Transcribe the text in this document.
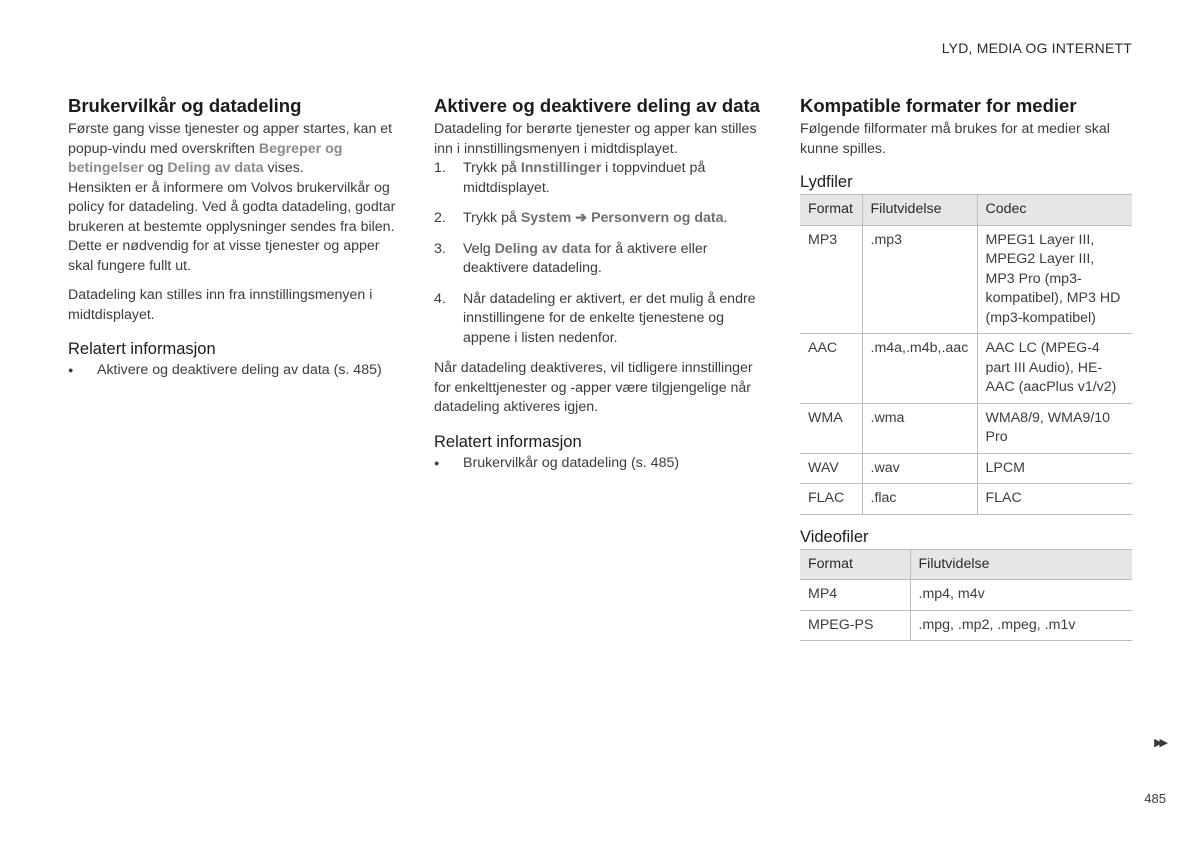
LYD, MEDIA OG INTERNETT
Brukervilkår og datadeling

Første gang visse tjenester og apper startes, kan et popup-vindu med overskriften Begreper og betingelser og Deling av data vises.

Hensikten er å informere om Volvos brukervilkår og policy for datadeling. Ved å godta datadeling, godtar brukeren at bestemte opplysninger sendes fra bilen. Dette er nødvendig for at visse tjenester og apper skal fungere fullt ut.

Datadeling kan stilles inn fra innstillingsmenyen i midtdisplayet.

Relatert informasjon
● Aktivere og deaktivere deling av data (s. 485)
Aktivere og deaktivere deling av data

Datadeling for berørte tjenester og apper kan stilles inn i innstillingsmenyen i midtdisplayet.

1. Trykk på Innstillinger i toppvinduet på midtdisplayet.
2. Trykk på System ➔ Personvern og data.
3. Velg Deling av data for å aktivere eller deaktivere datadeling.
4. Når datadeling er aktivert, er det mulig å endre innstillingene for de enkelte tjenestene og appene i listen nedenfor.

Når datadeling deaktiveres, vil tidligere innstillinger for enkelttjenester og -apper være tilgjengelige når datadeling aktiveres igjen.

Relatert informasjon
● Brukervilkår og datadeling (s. 485)
Kompatible formater for medier

Følgende filformater må brukes for at medier skal kunne spilles.

Lydfiler
Format	Filutvidelse	Codec
MP3	.mp3	MPEG1 Layer III, MPEG2 Layer III, MP3 Pro (mp3-kompatibel), MP3 HD (mp3-kompatibel)
AAC	.m4a,.m4b,.aac	AAC LC (MPEG-4 part III Audio), HE-AAC (aacPlus v1/v2)
WMA	.wma	WMA8/9, WMA9/10 Pro
WAV	.wav	LPCM
FLAC	.flac	FLAC
Videofiler
Format	Filutvidelse
MP4	.mp4, m4v
MPEG-PS	.mpg, .mp2, .mpeg, .m1v
▶▶
485
